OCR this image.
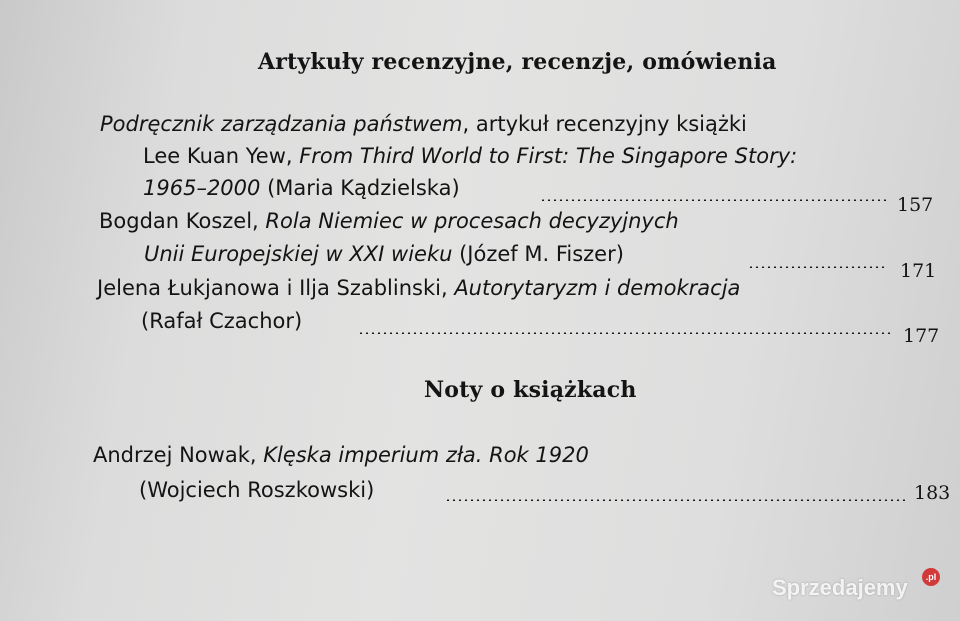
Artykuły recenzyjne, recenzje, omówienia
Podręcznik zarządzania państwem, artykuł recenzyjny książki
Lee Kuan Yew, From Third World to First: The Singapore Story:
1965–2000 (Maria Kądzielska)
157
Bogdan Koszel, Rola Niemiec w procesach decyzyjnych
Unii Europejskiej w XXI wieku (Józef M. Fiszer)
171
Jelena Łukjanowa i Ilja Szablinski, Autorytaryzm i demokracja
(Rafał Czachor)
177
Noty o książkach
Andrzej Nowak, Klęska imperium zła. Rok 1920
(Wojciech Roszkowski)	183
Sprzedajemy	.pl
